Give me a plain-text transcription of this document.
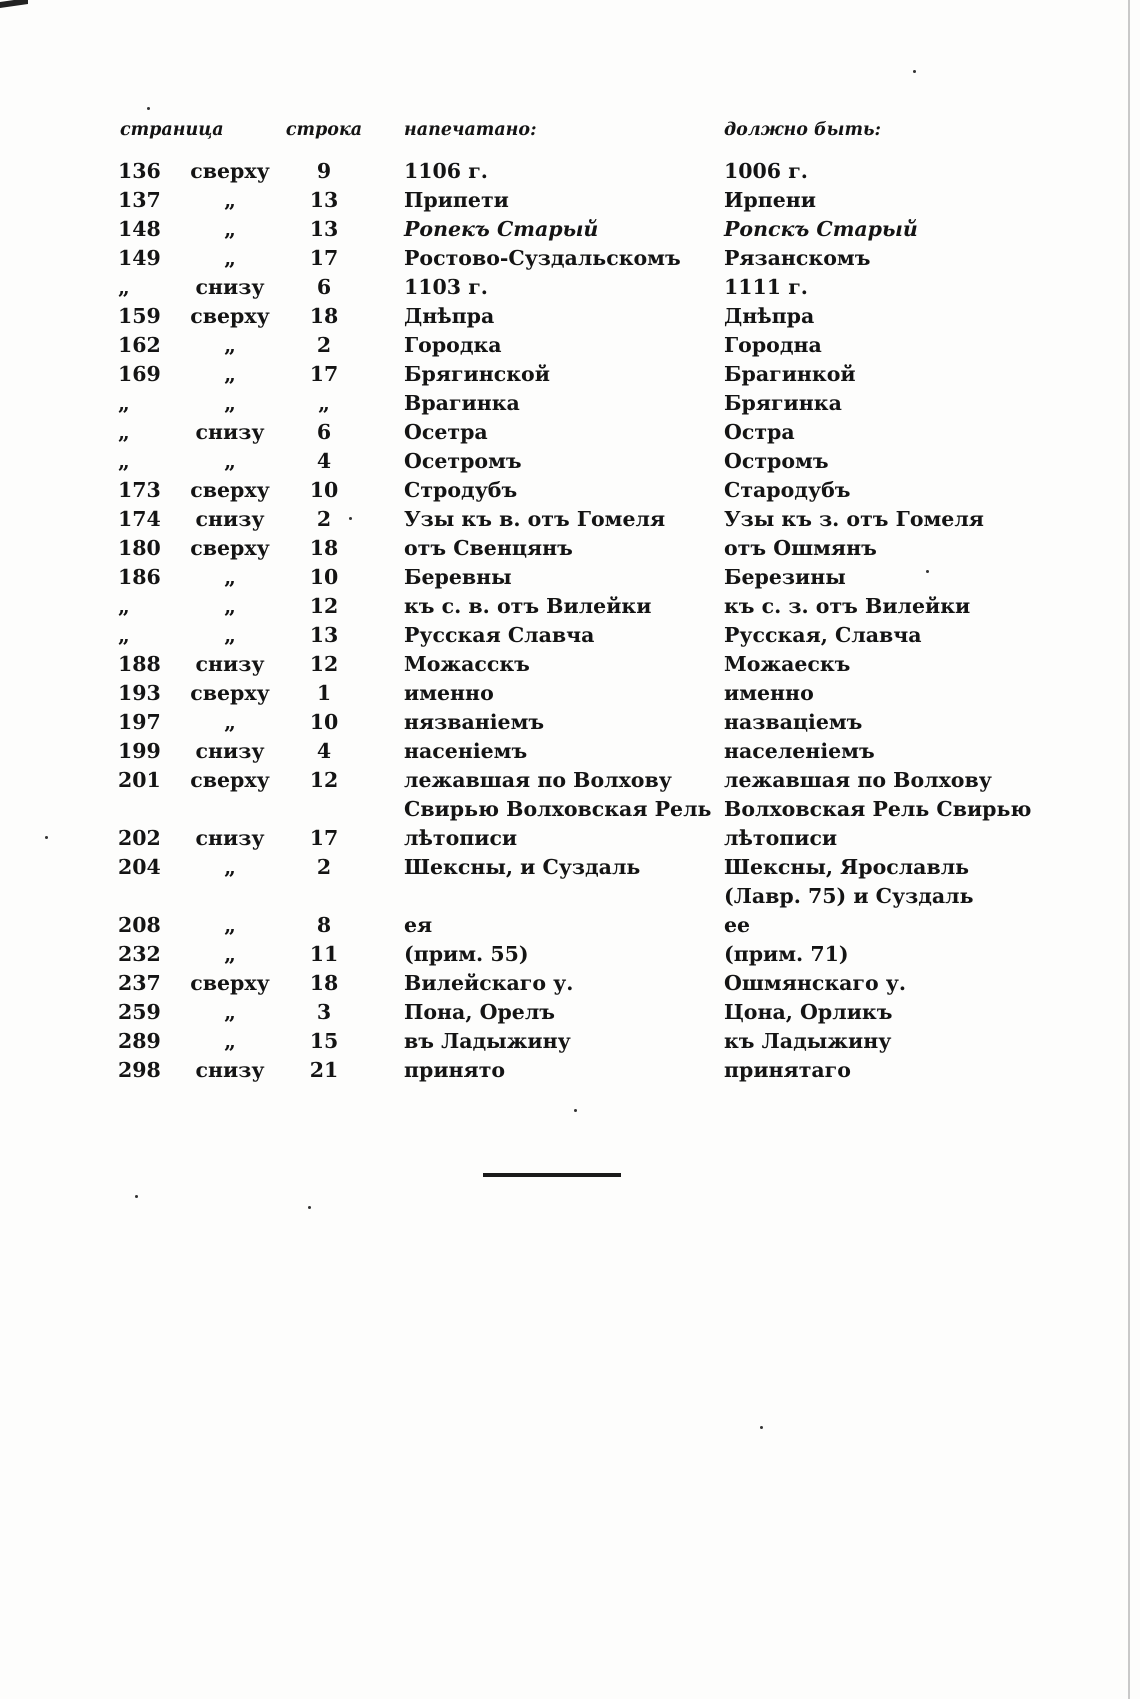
страница		строка	напечатано:	должно быть:
136	сверху	9	1106 г.	1006 г.
137	„	13	Припети	Ирпени
148	„	13	Ропекъ Старый	Ропскъ Старый
149	„	17	Ростово-Суздальскомъ	Рязанскомъ
„	снизу	6	1103 г.	1111 г.
159	сверху	18	Днѣпра	Днѣпра
162	„	2	Городка	Городна
169	„	17	Брягинской	Брагинкой
„	„	„	Врагинка	Брягинка
„	снизу	6	Осетра	Остра
„	„	4	Осетромъ	Остромъ
173	сверху	10	Стродубъ	Стародубъ
174	снизу	2	Узы къ в. отъ Гомеля	Узы къ з. отъ Гомеля
180	сверху	18	отъ Свенцянъ	отъ Ошмянъ
186	„	10	Беревны	Березины
„	„	12	къ с. в. отъ Вилейки	къ с. з. отъ Вилейки
„	„	13	Русская Славча	Русская, Славча
188	снизу	12	Можасскъ	Можаескъ
193	сверху	1	именно	именно
197	„	10	нязваніемъ	назваціемъ
199	снизу	4	насеніемъ	населеніемъ
201	сверху	12	лежавшая по Волхову Свирью Волховская Рель	лежавшая по Волхову Волховская Рель Свирью
202	снизу	17	лѣтописи	лѣтописи
204	„	2	Шексны, и Суздаль	Шексны, Ярославль (Лавр. 75) и Суздаль
208	„	8	ея	ее
232	„	11	(прим. 55)	(прим. 71)
237	сверху	18	Вилейскаго у.	Ошмянскаго у.
259	„	3	Пона, Орелъ	Цона, Орликъ
289	„	15	въ Ладыжину	къ Ладыжину
298	снизу	21	принято	принятаго
